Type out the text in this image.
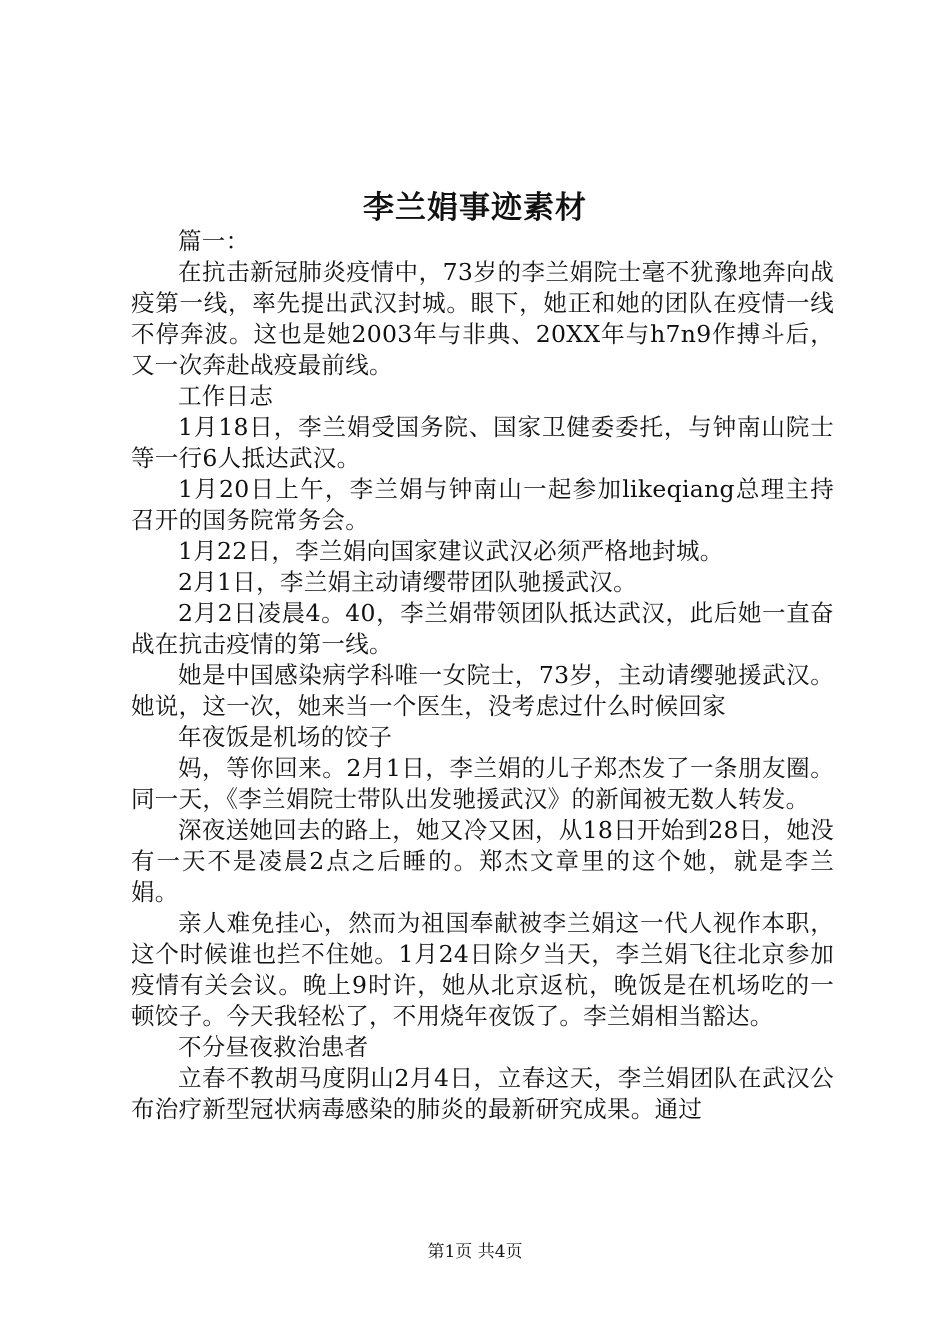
李兰娟事迹素材

篇一：

在抗击新冠肺炎疫情中，73岁的李兰娟院士毫不犹豫地奔向战疫第一线，率先提出武汉封城。眼下，她正和她的团队在疫情一线不停奔波。这也是她2003年与非典、20XX年与h7n9作搏斗后，又一次奔赴战疫最前线。

工作日志

1月18日，李兰娟受国务院、国家卫健委委托，与钟南山院士等一行6人抵达武汉。

1月20日上午，李兰娟与钟南山一起参加likeqiang总理主持召开的国务院常务会。

1月22日，李兰娟向国家建议武汉必须严格地封城。

2月1日，李兰娟主动请缨带团队驰援武汉。

2月2日凌晨4。40，李兰娟带领团队抵达武汉，此后她一直奋战在抗击疫情的第一线。

她是中国感染病学科唯一女院士，73岁，主动请缨驰援武汉。她说，这一次，她来当一个医生，没考虑过什么时候回家

年夜饭是机场的饺子

妈，等你回来。2月1日，李兰娟的儿子郑杰发了一条朋友圈。同一天，《李兰娟院士带队出发驰援武汉》的新闻被无数人转发。

深夜送她回去的路上，她又冷又困，从18日开始到28日，她没有一天不是凌晨2点之后睡的。郑杰文章里的这个她，就是李兰娟。

亲人难免挂心，然而为祖国奉献被李兰娟这一代人视作本职，这个时候谁也拦不住她。1月24日除夕当天，李兰娟飞往北京参加疫情有关会议。晚上9时许，她从北京返杭，晚饭是在机场吃的一顿饺子。今天我轻松了，不用烧年夜饭了。李兰娟相当豁达。

不分昼夜救治患者

立春不教胡马度阴山2月4日，立春这天，李兰娟团队在武汉公布治疗新型冠状病毒感染的肺炎的最新研究成果。通过

第1页 共4页
